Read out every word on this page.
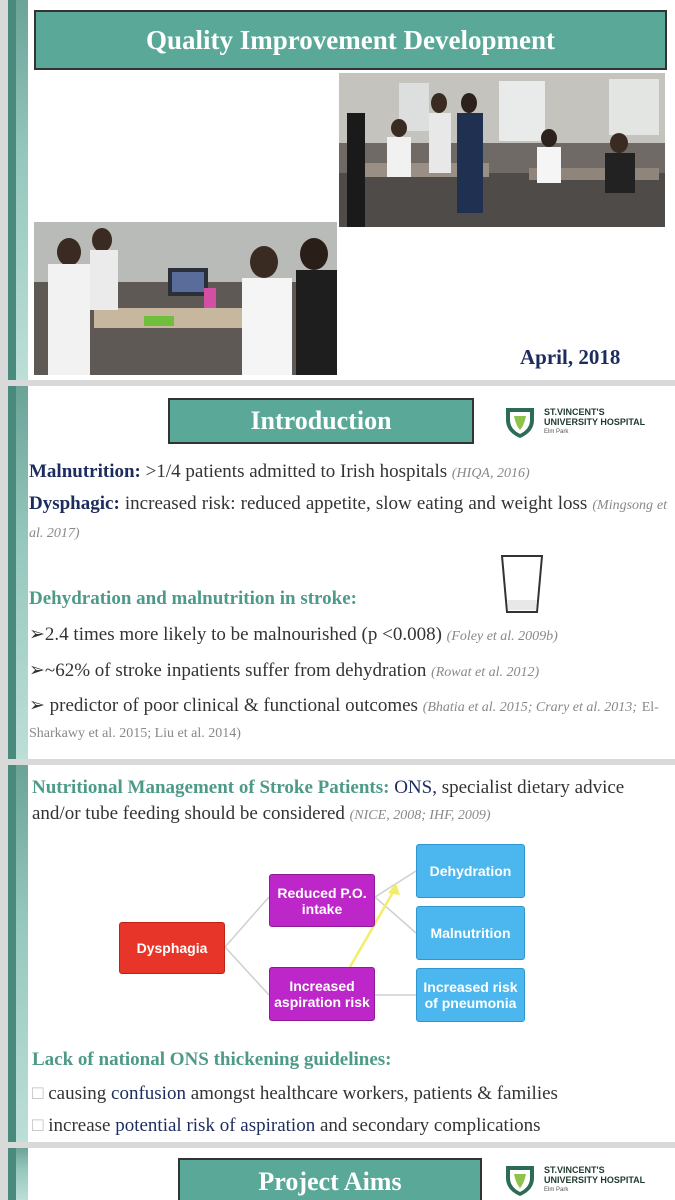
Quality Improvement Development
April, 2018
Introduction	ST.VINCENT'S
UNIVERSITY HOSPITAL
Elm Park
Malnutrition: >1/4 patients admitted to Irish hospitals (HIQA, 2016)
Dysphagic: increased risk: reduced appetite, slow eating and weight loss (Mingsong et al. 2017)
Dehydration and malnutrition in stroke:
➢2.4 times more likely to be malnourished (p <0.008) (Foley et al. 2009b)
➢~62% of stroke inpatients suffer from dehydration (Rowat et al. 2012)
➢ predictor of poor clinical & functional outcomes (Bhatia et al. 2015; Crary et al. 2013; El-Sharkawy et al. 2015; Liu et al. 2014)
Nutritional Management of Stroke Patients: ONS, specialist dietary advice and/or tube feeding should be considered (NICE, 2008; IHF, 2009)
Dysphagia
Reduced P.O. intake
Increased aspiration risk
Dehydration
Malnutrition
Increased risk of pneumonia
Lack of national ONS thickening guidelines:
□ causing confusion amongst healthcare workers, patients & families
□ increase potential risk of aspiration and secondary complications
Project Aims	ST.VINCENT'S
UNIVERSITY HOSPITAL
Elm Park
